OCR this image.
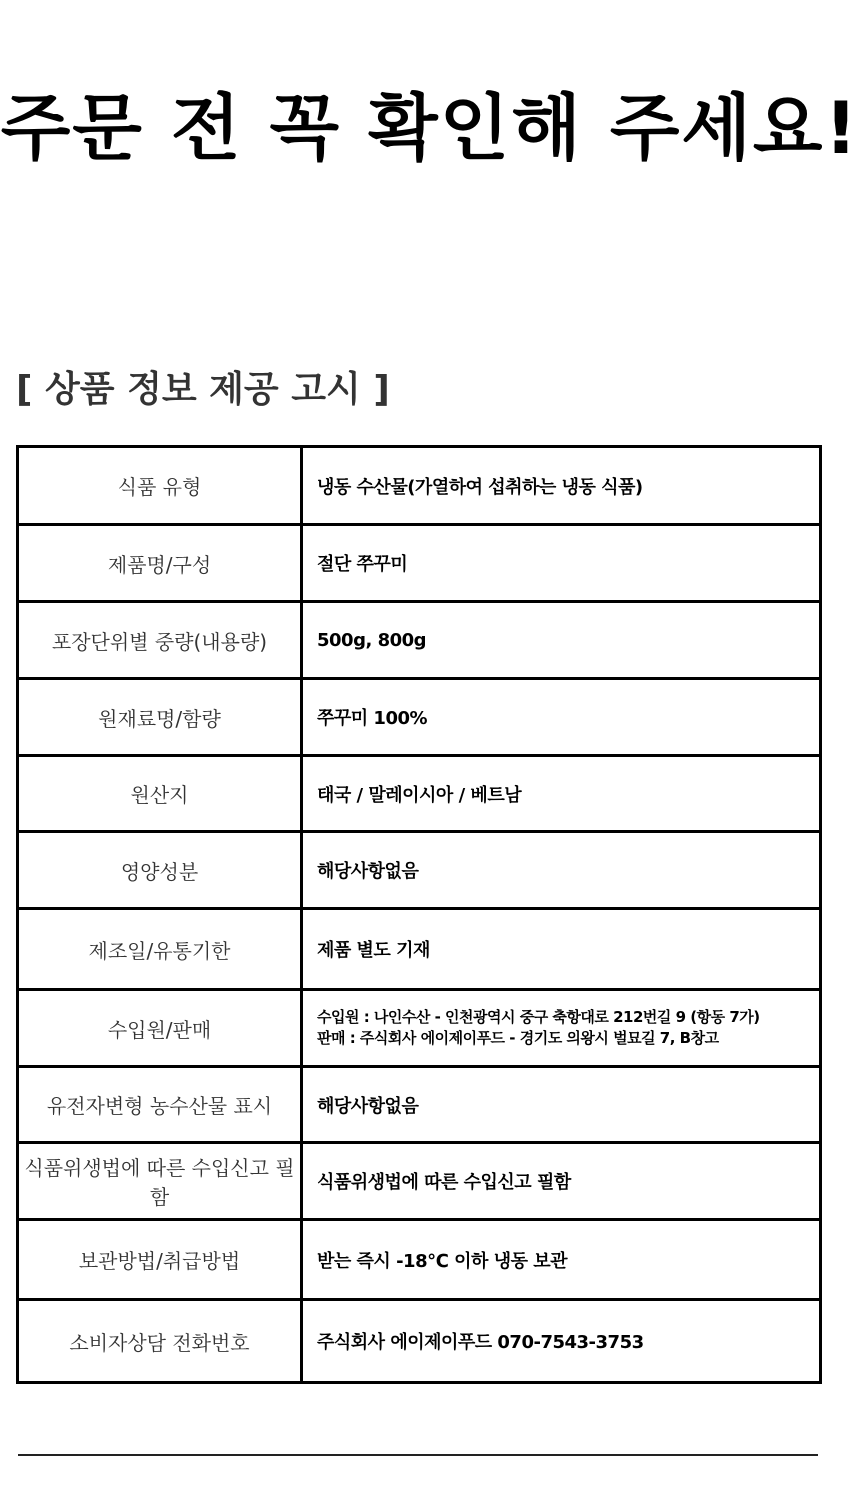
주문 전 꼭 확인해 주세요!
[ 상품 정보 제공 고시 ]
식품 유형	냉동 수산물(가열하여 섭취하는 냉동 식품)
제품명/구성	절단 쭈꾸미
포장단위별 중량(내용량)	500g, 800g
원재료명/함량	쭈꾸미 100%
원산지	태국 / 말레이시아 / 베트남
영양성분	해당사항없음
제조일/유통기한	제품 별도 기재
수입원/판매	수입원 : 나인수산 - 인천광역시 중구 축항대로 212번길 9 (항동 7가)
판매 : 주식회사 에이제이푸드 - 경기도 의왕시 벌묘길 7, B창고

유전자변형 농수산물 표시	해당사항없음
식품위생법에 따른 수입신고 필함	식품위생법에 따른 수입신고 필함
보관방법/취급방법	받는 즉시 -18℃ 이하 냉동 보관
소비자상담 전화번호	주식회사 에이제이푸드 070-7543-3753
